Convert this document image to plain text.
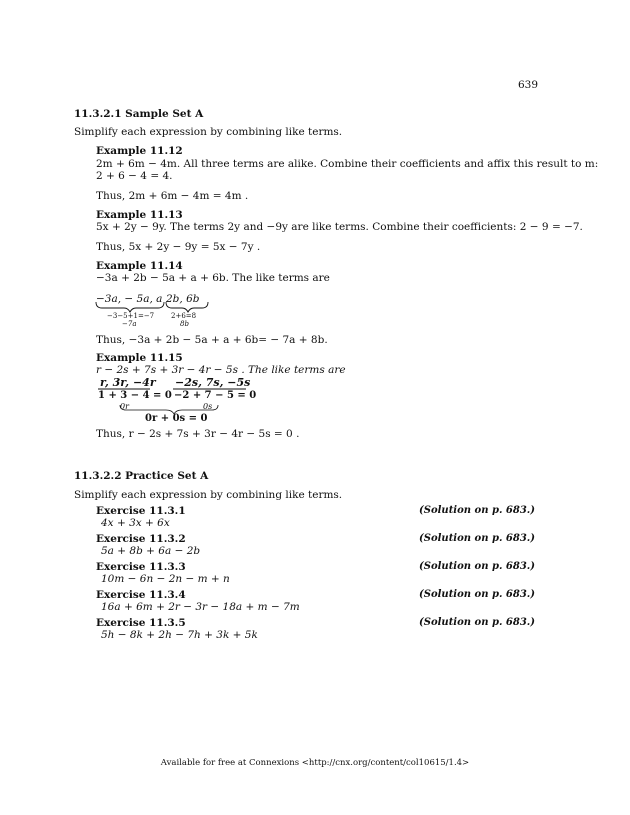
639
11.3.2.1 Sample Set A
Simplify each expression by combining like terms.
Example 11.12
2m + 6m − 4m. All three terms are alike. Combine their coefficients and affix this result to m:
2 + 6 − 4 = 4.
Thus, 2m + 6m − 4m = 4m .
Example 11.13
5x + 2y − 9y. The terms 2y and −9y are like terms. Combine their coefficients: 2 − 9 = −7.
Thus, 5x + 2y − 9y = 5x − 7y .
Example 11.14
−3a + 2b − 5a + a + 6b. The like terms are
−3a, − 5a, a 2b, 6b
−3−5+1=−7
−7a
2+6=8
8b
Thus, −3a + 2b − 5a + a + 6b= − 7a + 8b.
Example 11.15
r − 2s + 7s + 3r − 4r − 5s . The like terms are
r, 3r, −4r −2s, 7s, −5s
1 + 3 − 4 = 0 −2 + 7 − 5 = 0
0r	0s
0r + 0s = 0
Thus, r − 2s + 7s + 3r − 4r − 5s = 0 .
11.3.2.2 Practice Set A
Simplify each expression by combining like terms.
Exercise 11.3.1	(Solution on p. 683.)
4x + 3x + 6x
Exercise 11.3.2	(Solution on p. 683.)
5a + 8b + 6a − 2b
Exercise 11.3.3	(Solution on p. 683.)
10m − 6n − 2n − m + n
Exercise 11.3.4	(Solution on p. 683.)
16a + 6m + 2r − 3r − 18a + m − 7m
Exercise 11.3.5	(Solution on p. 683.)
5h − 8k + 2h − 7h + 3k + 5k
Available for free at Connexions <http://cnx.org/content/col10615/1.4>
